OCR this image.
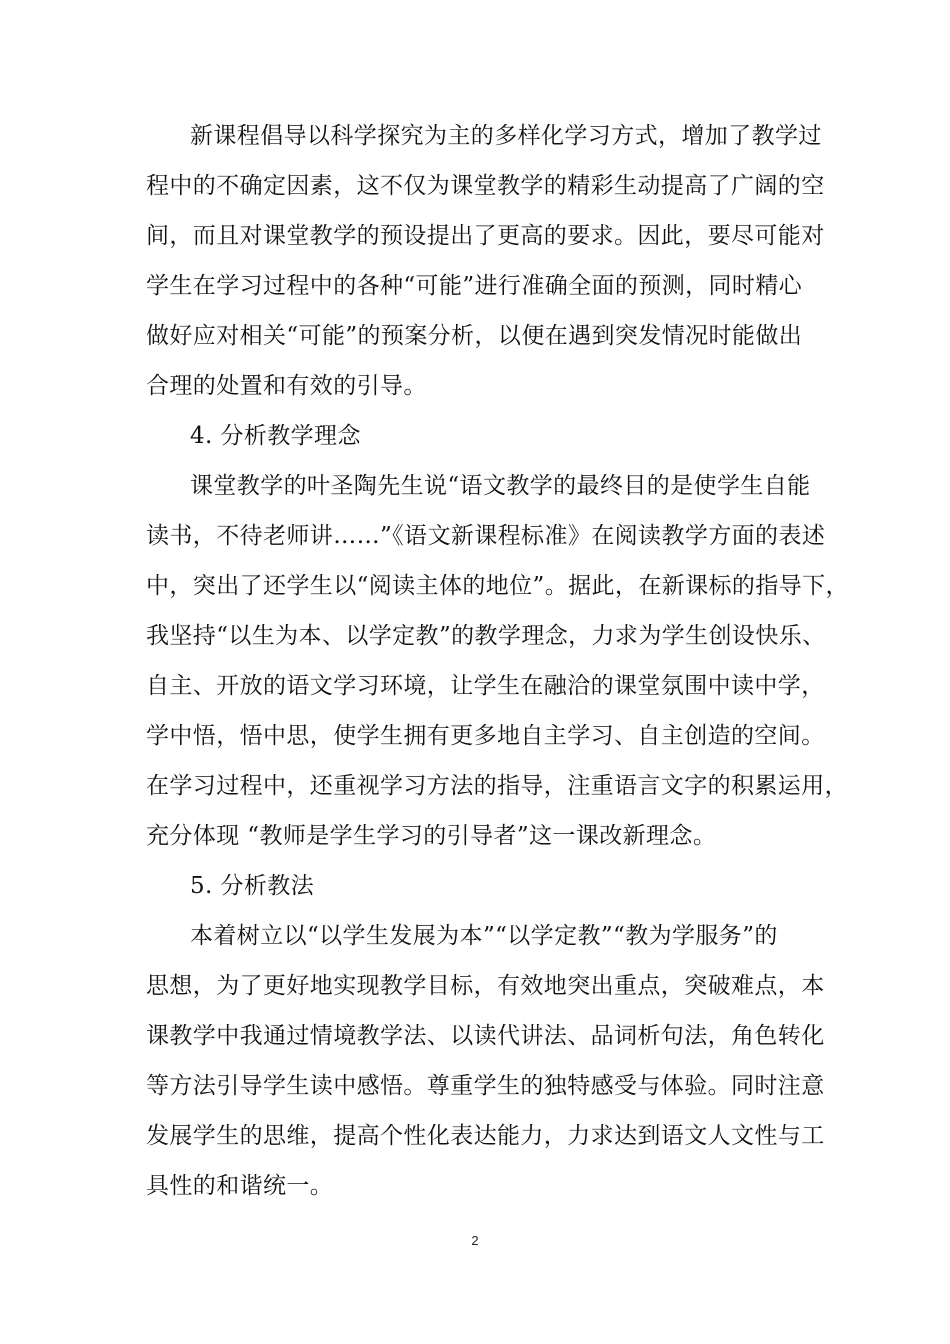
新课程倡导以科学探究为主的多样化学习方式，增加了教学过
程中的不确定因素，这不仅为课堂教学的精彩生动提高了广阔的空
间，而且对课堂教学的预设提出了更高的要求。因此，要尽可能对
学生在学习过程中的各种“可能”进行准确全面的预测，同时精心
做好应对相关“可能”的预案分析，以便在遇到突发情况时能做出
合理的处置和有效的引导。
4. 分析教学理念
课堂教学的叶圣陶先生说“语文教学的最终目的是使学生自能
读书，不待老师讲……”《语文新课程标准》在阅读教学方面的表述
中，突出了还学生以“阅读主体的地位”。据此，在新课标的指导下，
我坚持“以生为本、以学定教”的教学理念，力求为学生创设快乐、
自主、开放的语文学习环境，让学生在融洽的课堂氛围中读中学，
学中悟，悟中思，使学生拥有更多地自主学习、自主创造的空间。
在学习过程中，还重视学习方法的指导，注重语言文字的积累运用，
充分体现 “教师是学生学习的引导者”这一课改新理念。
5. 分析教法
本着树立以“以学生发展为本”“以学定教”“教为学服务”的
思想，为了更好地实现教学目标，有效地突出重点，突破难点，本
课教学中我通过情境教学法、以读代讲法、品词析句法，角色转化
等方法引导学生读中感悟。尊重学生的独特感受与体验。同时注意
发展学生的思维，提高个性化表达能力，力求达到语文人文性与工
具性的和谐统一。
2
